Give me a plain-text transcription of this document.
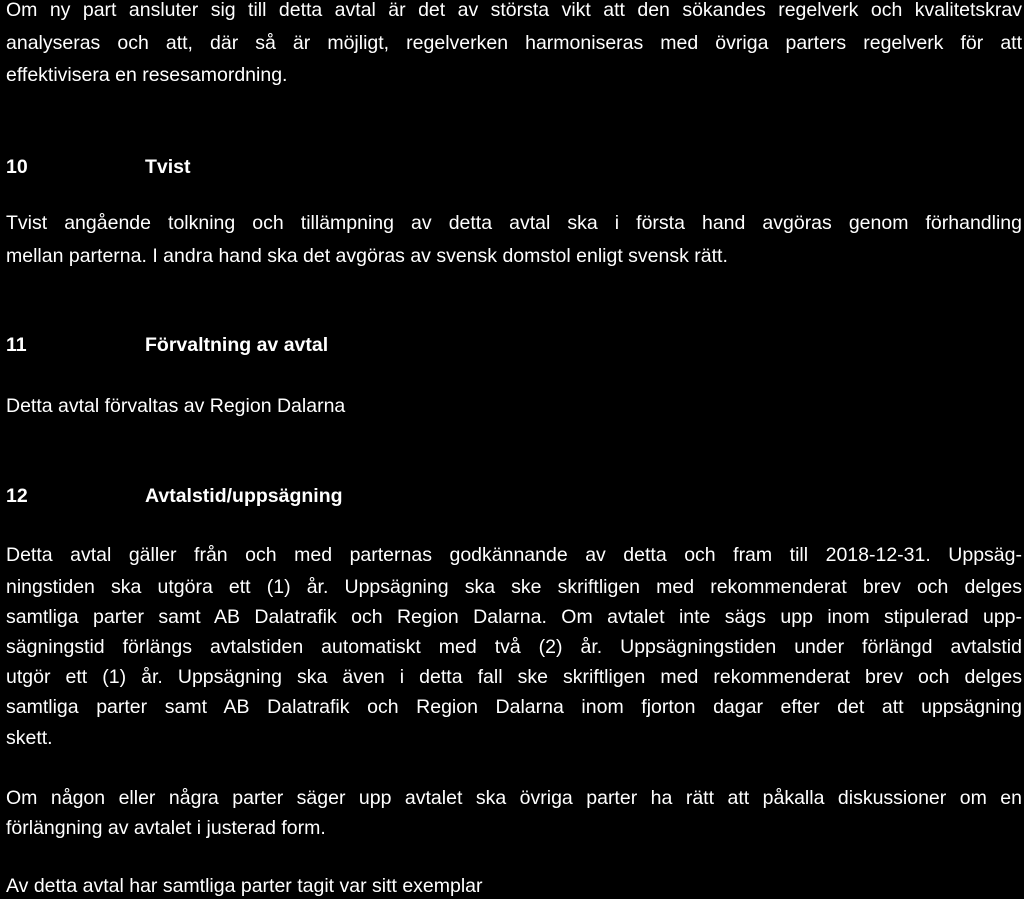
Om ny part ansluter sig till detta avtal är det av största vikt att den sökandes regelverk och kvalitetskrav
analyseras och att, där så är möjligt, regelverken harmoniseras med övriga parters regelverk för att
effektivisera en resesamordning.
10	Tvist
Tvist angående tolkning och tillämpning av detta avtal ska i första hand avgöras genom förhandling
mellan parterna. I andra hand ska det avgöras av svensk domstol enligt svensk rätt.
11	Förvaltning av avtal
Detta avtal förvaltas av Region Dalarna
12	Avtalstid/uppsägning
Detta avtal gäller från och med parternas godkännande av detta och fram till 2018-12-31. Uppsäg-
ningstiden ska utgöra ett (1) år. Uppsägning ska ske skriftligen med rekommenderat brev och delges
samtliga parter samt AB Dalatrafik och Region Dalarna. Om avtalet inte sägs upp inom stipulerad upp-
sägningstid förlängs avtalstiden automatiskt med två (2) år. Uppsägningstiden under förlängd avtalstid
utgör ett (1) år. Uppsägning ska även i detta fall ske skriftligen med rekommenderat brev och delges
samtliga parter samt AB Dalatrafik och Region Dalarna inom fjorton dagar efter det att uppsägning
skett.
Om någon eller några parter säger upp avtalet ska övriga parter ha rätt att påkalla diskussioner om en
förlängning av avtalet i justerad form.
Av detta avtal har samtliga parter tagit var sitt exemplar
